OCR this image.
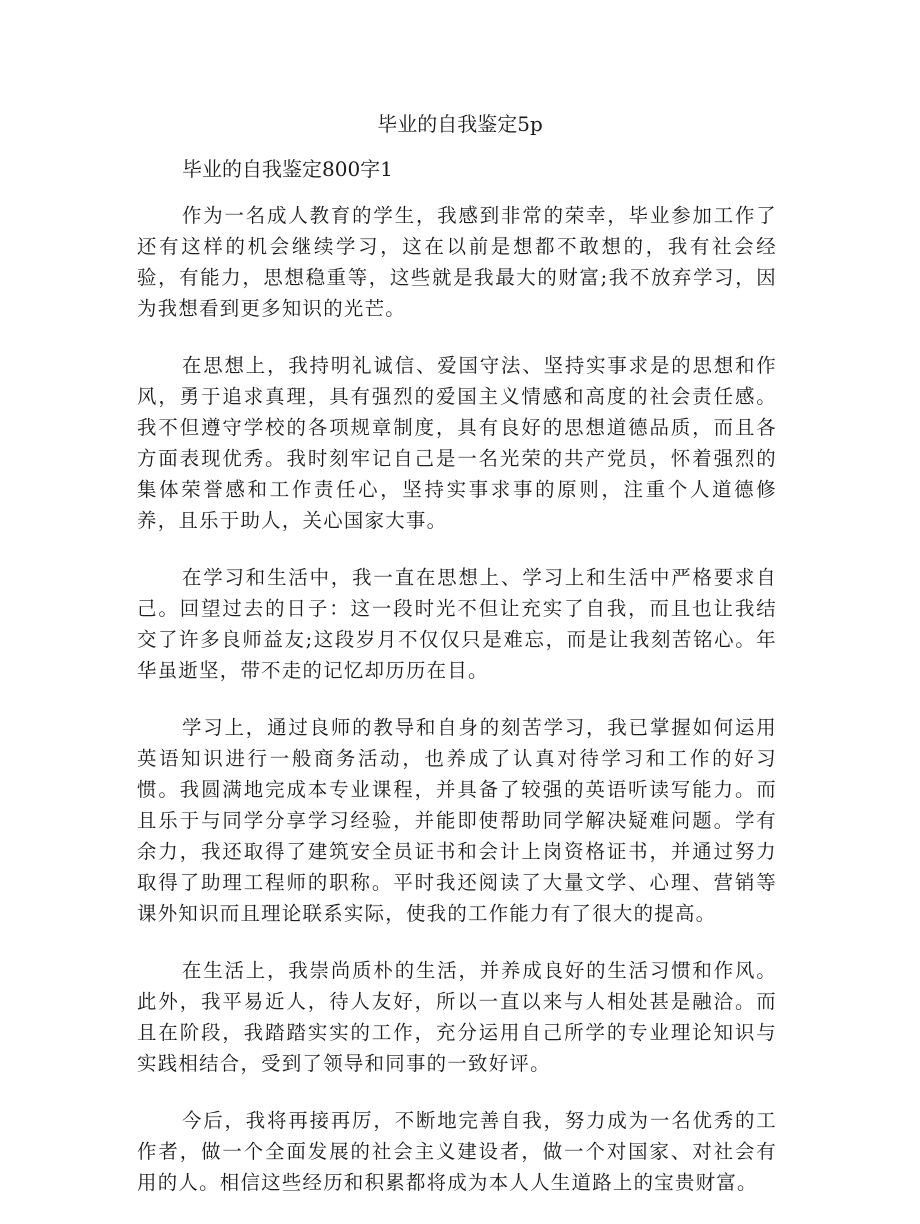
毕业的自我鉴定5p
毕业的自我鉴定800字1

作为一名成人教育的学生，我感到非常的荣幸，毕业参加工作了还有这样的机会继续学习，这在以前是想都不敢想的，我有社会经验，有能力，思想稳重等，这些就是我最大的财富;我不放弃学习，因为我想看到更多知识的光芒。

在思想上，我持明礼诚信、爱国守法、坚持实事求是的思想和作风，勇于追求真理，具有强烈的爱国主义情感和高度的社会责任感。我不但遵守学校的各项规章制度，具有良好的思想道德品质，而且各方面表现优秀。我时刻牢记自己是一名光荣的共产党员，怀着强烈的集体荣誉感和工作责任心，坚持实事求事的原则，注重个人道德修养，且乐于助人，关心国家大事。

在学习和生活中，我一直在思想上、学习上和生活中严格要求自己。回望过去的日子：这一段时光不但让充实了自我，而且也让我结交了许多良师益友;这段岁月不仅仅只是难忘，而是让我刻苦铭心。年华虽逝坚，带不走的记忆却历历在目。

学习上，通过良师的教导和自身的刻苦学习，我已掌握如何运用英语知识进行一般商务活动，也养成了认真对待学习和工作的好习惯。我圆满地完成本专业课程，并具备了较强的英语听读写能力。而且乐于与同学分享学习经验，并能即使帮助同学解决疑难问题。学有余力，我还取得了建筑安全员证书和会计上岗资格证书，并通过努力取得了助理工程师的职称。平时我还阅读了大量文学、心理、营销等课外知识而且理论联系实际，使我的工作能力有了很大的提高。

在生活上，我崇尚质朴的生活，并养成良好的生活习惯和作风。此外，我平易近人，待人友好，所以一直以来与人相处甚是融洽。而且在阶段，我踏踏实实的工作，充分运用自己所学的专业理论知识与实践相结合，受到了领导和同事的一致好评。

今后，我将再接再厉，不断地完善自我，努力成为一名优秀的工作者，做一个全面发展的社会主义建设者，做一个对国家、对社会有用的人。相信这些经历和积累都将成为本人人生道路上的宝贵财富。
